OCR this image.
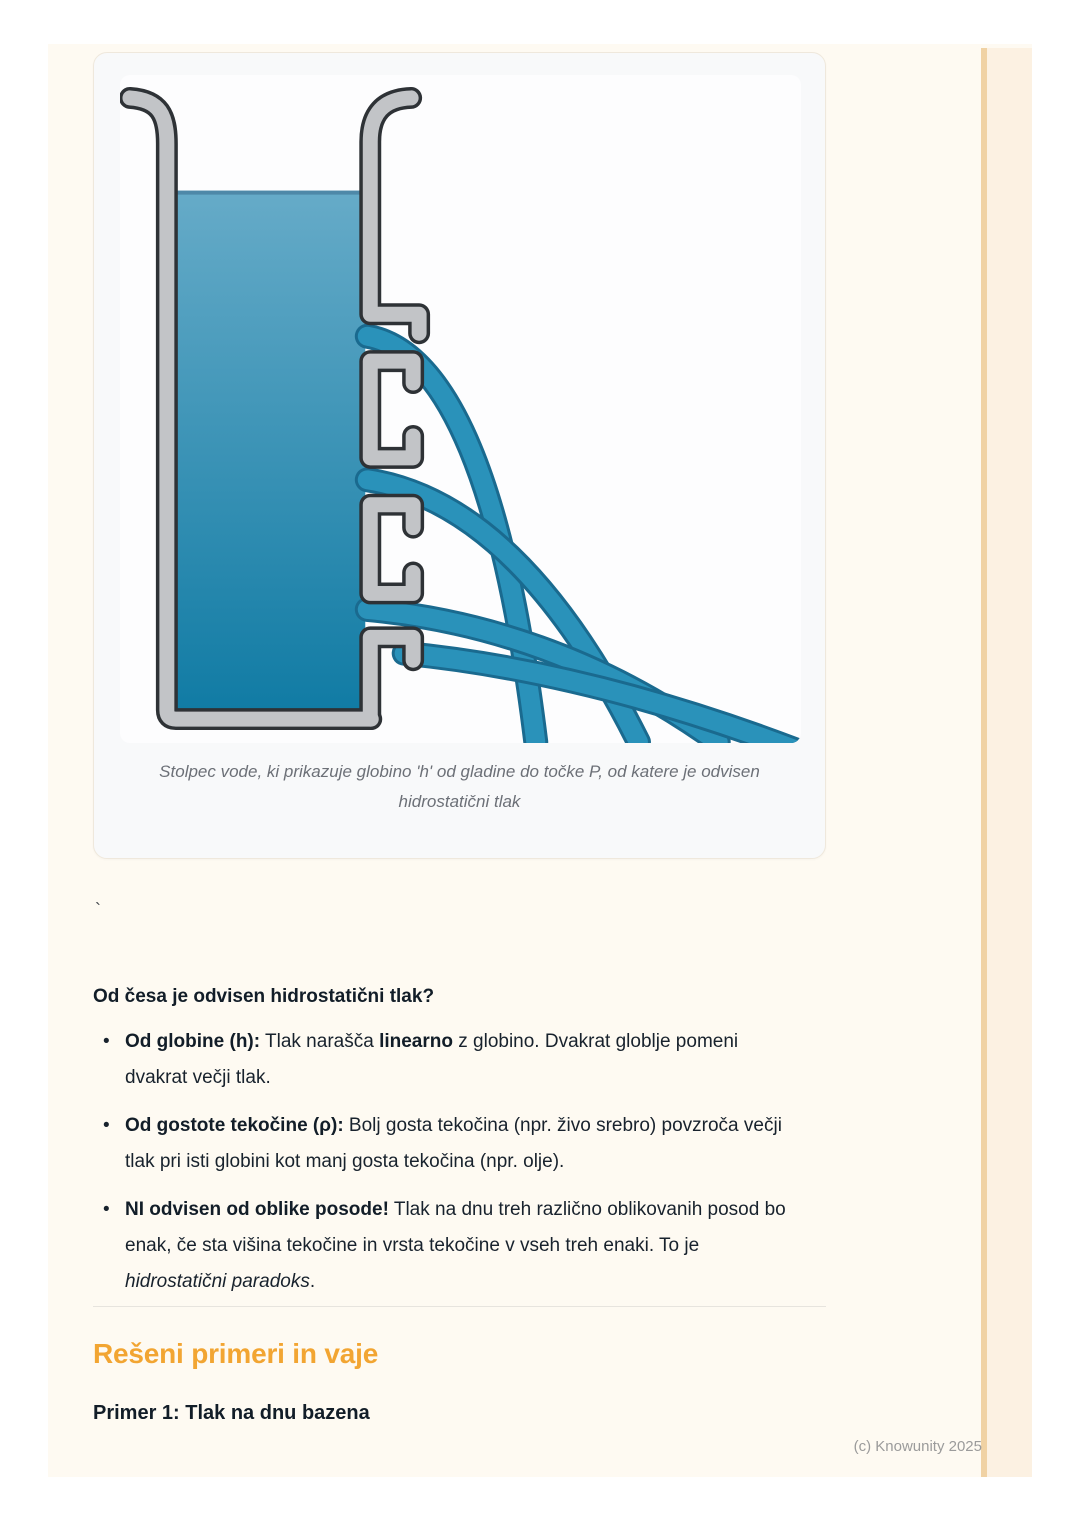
Stolpec vode, ki prikazuje globino 'h' od gladine do točke P, od katere je odvisen hidrostatični tlak
`
Od česa je odvisen hidrostatični tlak?
• Od globine (h): Tlak narašča linearno z globino. Dvakrat globlje pomeni dvakrat večji tlak.
• Od gostote tekočine (ρ): Bolj gosta tekočina (npr. živo srebro) povzroča večji tlak pri isti globini kot manj gosta tekočina (npr. olje).
• NI odvisen od oblike posode! Tlak na dnu treh različno oblikovanih posod bo enak, če sta višina tekočine in vrsta tekočine v vseh treh enaki. To je hidrostatični paradoks.
Rešeni primeri in vaje
Primer 1: Tlak na dnu bazena
(c) Knowunity 2025
